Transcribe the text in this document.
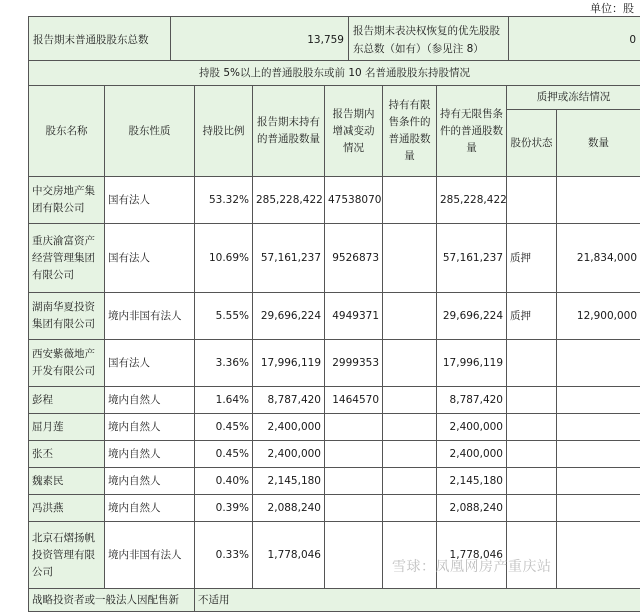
单位：股
报告期末普通股股东总数	13,759	报告期末表决权恢复的优先股股东总数（如有）（参见注 8）	0
持股 5%以上的普通股股东或前 10 名普通股股东持股情况								
股东名称	股东性质	持股比例	报告期末持有的普通股数量	报告期内增减变动情况	持有有限售条件的普通股数量	持有无限售条件的普通股数量	质押或冻结情况	
							股份状态	数量
中交房地产集团有限公司	国有法人	53.32%	285,228,422	47538070		285,228,422		
重庆渝富资产经营管理集团有限公司	国有法人	10.69%	57,161,237	9526873		57,161,237	质押	21,834,000
湖南华夏投资集团有限公司	境内非国有法人	5.55%	29,696,224	4949371		29,696,224	质押	12,900,000
西安紫薇地产开发有限公司	国有法人	3.36%	17,996,119	2999353		17,996,119		
彭程	境内自然人	1.64%	8,787,420	1464570		8,787,420		
屈月莲	境内自然人	0.45%	2,400,000			2,400,000		
张丕	境内自然人	0.45%	2,400,000			2,400,000		
魏素民	境内自然人	0.40%	2,145,180			2,145,180		
冯洪燕	境内自然人	0.39%	2,088,240			2,088,240		
北京石熠扬帆投资管理有限公司	境内非国有法人	0.33%	1,778,046			1,778,046		
战略投资者或一般法人因配售新		不适用						
雪球：凤凰网房产重庆站
